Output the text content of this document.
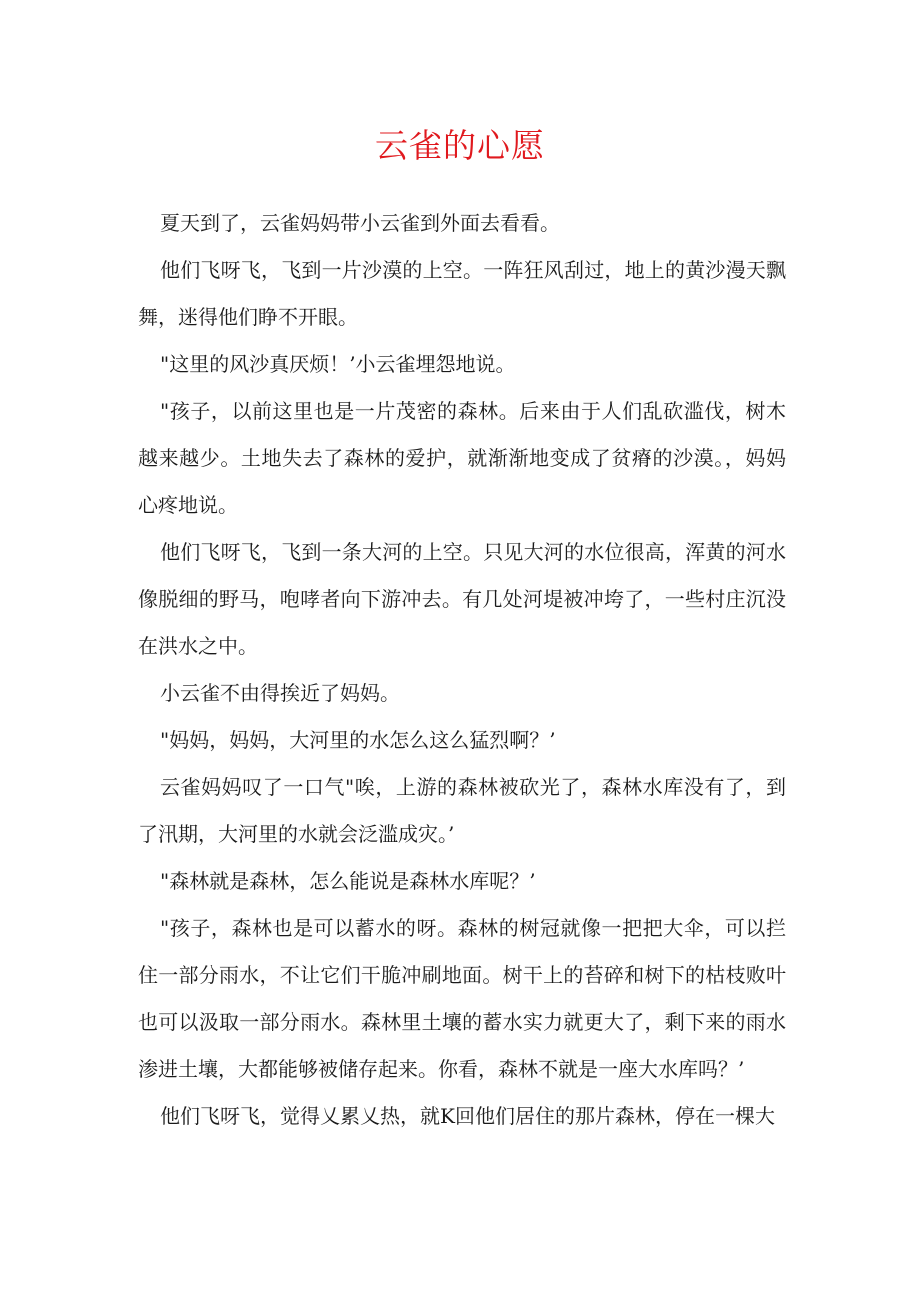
云雀的心愿

夏天到了，云雀妈妈带小云雀到外面去看看。

他们飞呀飞，飞到一片沙漠的上空。一阵狂风刮过，地上的黄沙漫天飘舞，迷得他们睁不开眼。

"这里的风沙真厌烦！’小云雀埋怨地说。

"孩子，以前这里也是一片茂密的森林。后来由于人们乱砍滥伐，树木越来越少。土地失去了森林的爱护，就渐渐地变成了贫瘠的沙漠。，妈妈心疼地说。

他们飞呀飞，飞到一条大河的上空。只见大河的水位很高，浑黄的河水像脱细的野马，咆哮者向下游冲去。有几处河堤被冲垮了，一些村庄沉没在洪水之中。

小云雀不由得挨近了妈妈。

"妈妈，妈妈，大河里的水怎么这么猛烈啊？’

云雀妈妈叹了一口气"唉，上游的森林被砍光了，森林水库没有了，到了汛期，大河里的水就会泛滥成灾。’

"森林就是森林，怎么能说是森林水库呢？’

"孩子，森林也是可以蓄水的呀。森林的树冠就像一把把大伞，可以拦住一部分雨水，不让它们干脆冲刷地面。树干上的苔碎和树下的枯枝败叶也可以汲取一部分雨水。森林里土壤的蓄水实力就更大了，剩下来的雨水渗进土壤，大都能够被储存起来。你看，森林不就是一座大水库吗？’

他们飞呀飞，觉得乂累乂热，就K回他们居住的那片森林，停在一棵大
